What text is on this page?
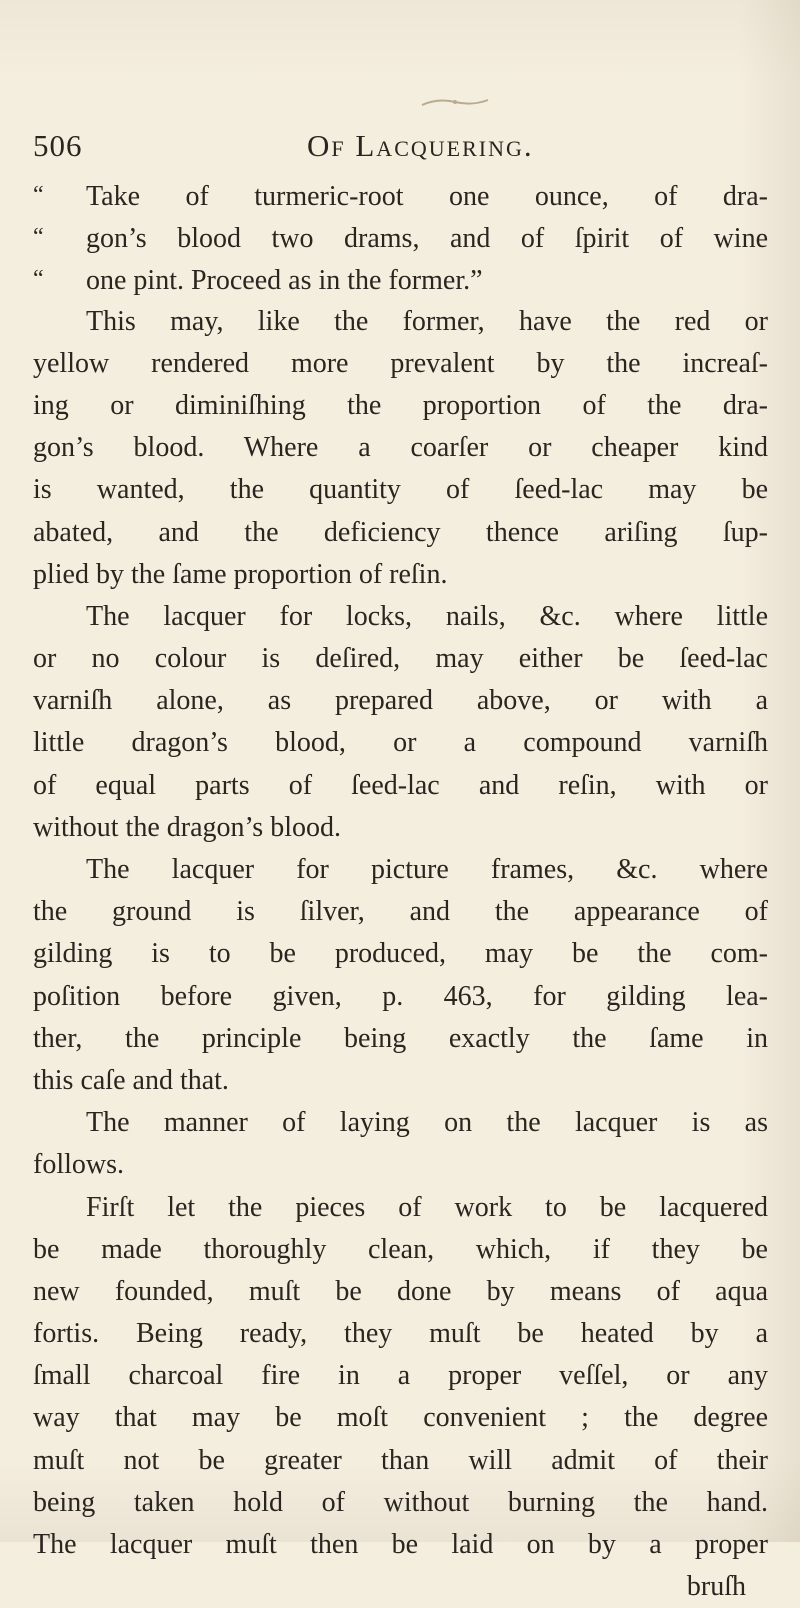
506	Of Lacquering.
“ Take of turmeric-root one ounce, of dra-
“ gon’s blood two drams, and of ſpirit of wine
“ one pint. Proceed as in the former.”
This may, like the former, have the red or
yellow rendered more prevalent by the increaſ-
ing or diminiſhing the proportion of the dra-
gon’s blood. Where a coarſer or cheaper kind
is wanted, the quantity of ſeed-lac may be
abated, and the deficiency thence ariſing ſup-
plied by the ſame proportion of reſin.
The lacquer for locks, nails, &c. where little
or no colour is deſired, may either be ſeed-lac
varniſh alone, as prepared above, or with a
little dragon’s blood, or a compound varniſh
of equal parts of ſeed-lac and reſin, with or
without the dragon’s blood.
The lacquer for picture frames, &c. where
the ground is ſilver, and the appearance of
gilding is to be produced, may be the com-
poſition before given, p. 463, for gilding lea-
ther, the principle being exactly the ſame in
this caſe and that.
The manner of laying on the lacquer is as
follows.
Firſt let the pieces of work to be lacquered
be made thoroughly clean, which, if they be
new founded, muſt be done by means of aqua
fortis. Being ready, they muſt be heated by a
ſmall charcoal fire in a proper veſſel, or any
way that may be moſt convenient ; the degree
muſt not be greater than will admit of their
being taken hold of without burning the hand.
The lacquer muſt then be laid on by a proper
bruſh
